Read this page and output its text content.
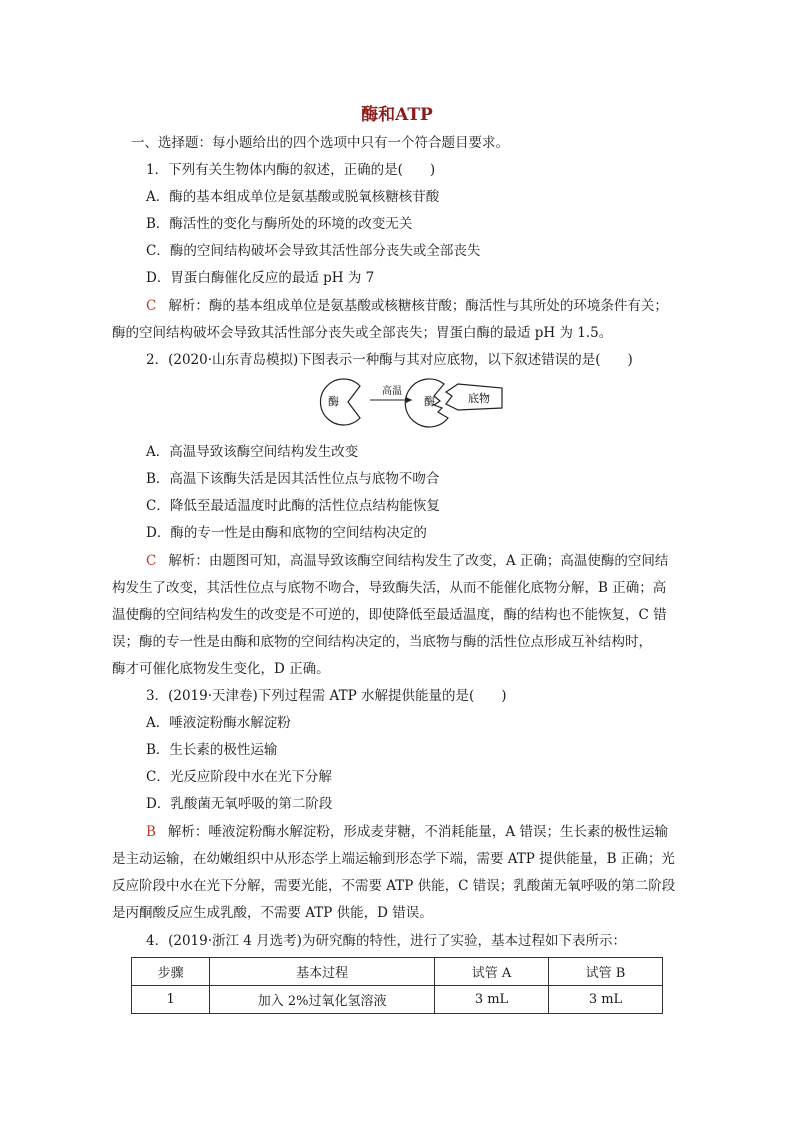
酶和ATP
一、选择题：每小题给出的四个选项中只有一个符合题目要求。
1．下列有关生物体内酶的叙述，正确的是(　　)
A．酶的基本组成单位是氨基酸或脱氧核糖核苷酸
B．酶活性的变化与酶所处的环境的改变无关
C．酶的空间结构破坏会导致其活性部分丧失或全部丧失
D．胃蛋白酶催化反应的最适 pH 为 7
C 解析：酶的基本组成单位是氨基酸或核糖核苷酸；酶活性与其所处的环境条件有关；
酶的空间结构破坏会导致其活性部分丧失或全部丧失；胃蛋白酶的最适 pH 为 1.5。
2．(2020·山东青岛模拟)下图表示一种酶与其对应底物，以下叙述错误的是(　　)
酶
高温
酶	底物
A．高温导致该酶空间结构发生改变
B．高温下该酶失活是因其活性位点与底物不吻合
C．降低至最适温度时此酶的活性位点结构能恢复
D．酶的专一性是由酶和底物的空间结构决定的
C 解析：由题图可知，高温导致该酶空间结构发生了改变，A 正确；高温使酶的空间结
构发生了改变，其活性位点与底物不吻合，导致酶失活，从而不能催化底物分解，B 正确；高
温使酶的空间结构发生的改变是不可逆的，即使降低至最适温度，酶的结构也不能恢复，C 错
误；酶的专一性是由酶和底物的空间结构决定的，当底物与酶的活性位点形成互补结构时，
酶才可催化底物发生变化，D 正确。
3．(2019·天津卷)下列过程需 ATP 水解提供能量的是(　　)
A．唾液淀粉酶水解淀粉
B．生长素的极性运输
C．光反应阶段中水在光下分解
D．乳酸菌无氧呼吸的第二阶段
B 解析：唾液淀粉酶水解淀粉，形成麦芽糖，不消耗能量，A 错误；生长素的极性运输
是主动运输，在幼嫩组织中从形态学上端运输到形态学下端，需要 ATP 提供能量，B 正确；光
反应阶段中水在光下分解，需要光能，不需要 ATP 供能，C 错误；乳酸菌无氧呼吸的第二阶段
是丙酮酸反应生成乳酸，不需要 ATP 供能，D 错误。
4．(2019·浙江 4 月选考)为研究酶的特性，进行了实验，基本过程如下表所示：
步骤	基本过程	试管 A	试管 B
1	加入 2%过氧化氢溶液	3 mL	3 mL
